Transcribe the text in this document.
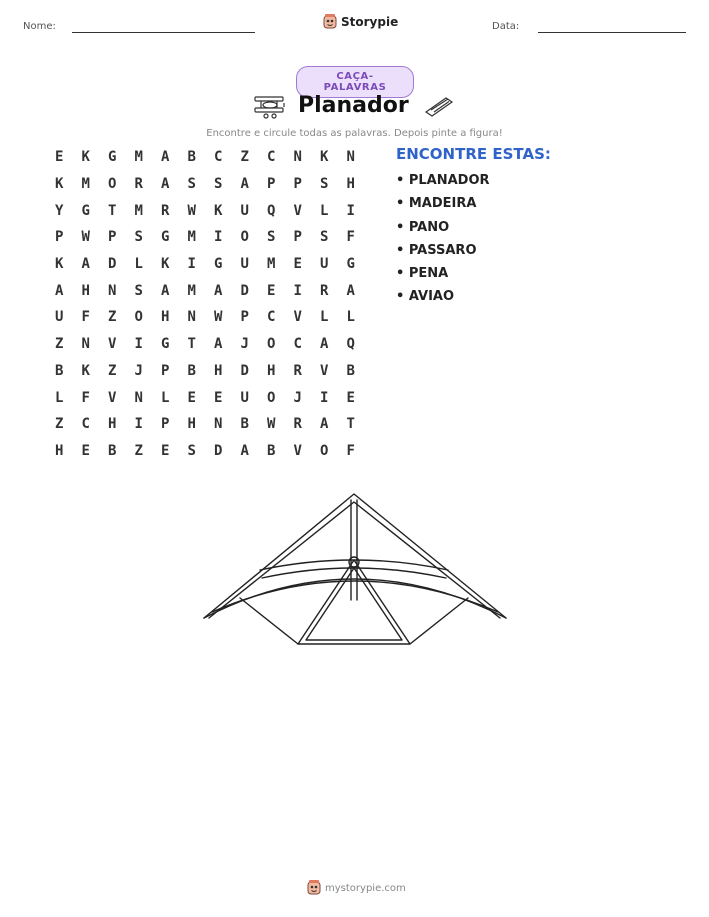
Nome:	Storypie	Data:
CAÇA-PALAVRAS
Planador
Encontre e circule todas as palavras. Depois pinte a figura!
E	K	G	M	A	B	C	Z	C	N	K	N
K	M	O	R	A	S	S	A	P	P	S	H
Y	G	T	M	R	W	K	U	Q	V	L	I
P	W	P	S	G	M	I	O	S	P	S	F
K	A	D	L	K	I	G	U	M	E	U	G
A	H	N	S	A	M	A	D	E	I	R	A
U	F	Z	O	H	N	W	P	C	V	L	L
Z	N	V	I	G	T	A	J	O	C	A	Q
B	K	Z	J	P	B	H	D	H	R	V	B
L	F	V	N	L	E	E	U	O	J	I	E
Z	C	H	I	P	H	N	B	W	R	A	T
H	E	B	Z	E	S	D	A	B	V	O	F
ENCONTRE ESTAS:
• PLANADOR
• MADEIRA
• PANO
• PASSARO
• PENA
• AVIAO
mystorypie.com
